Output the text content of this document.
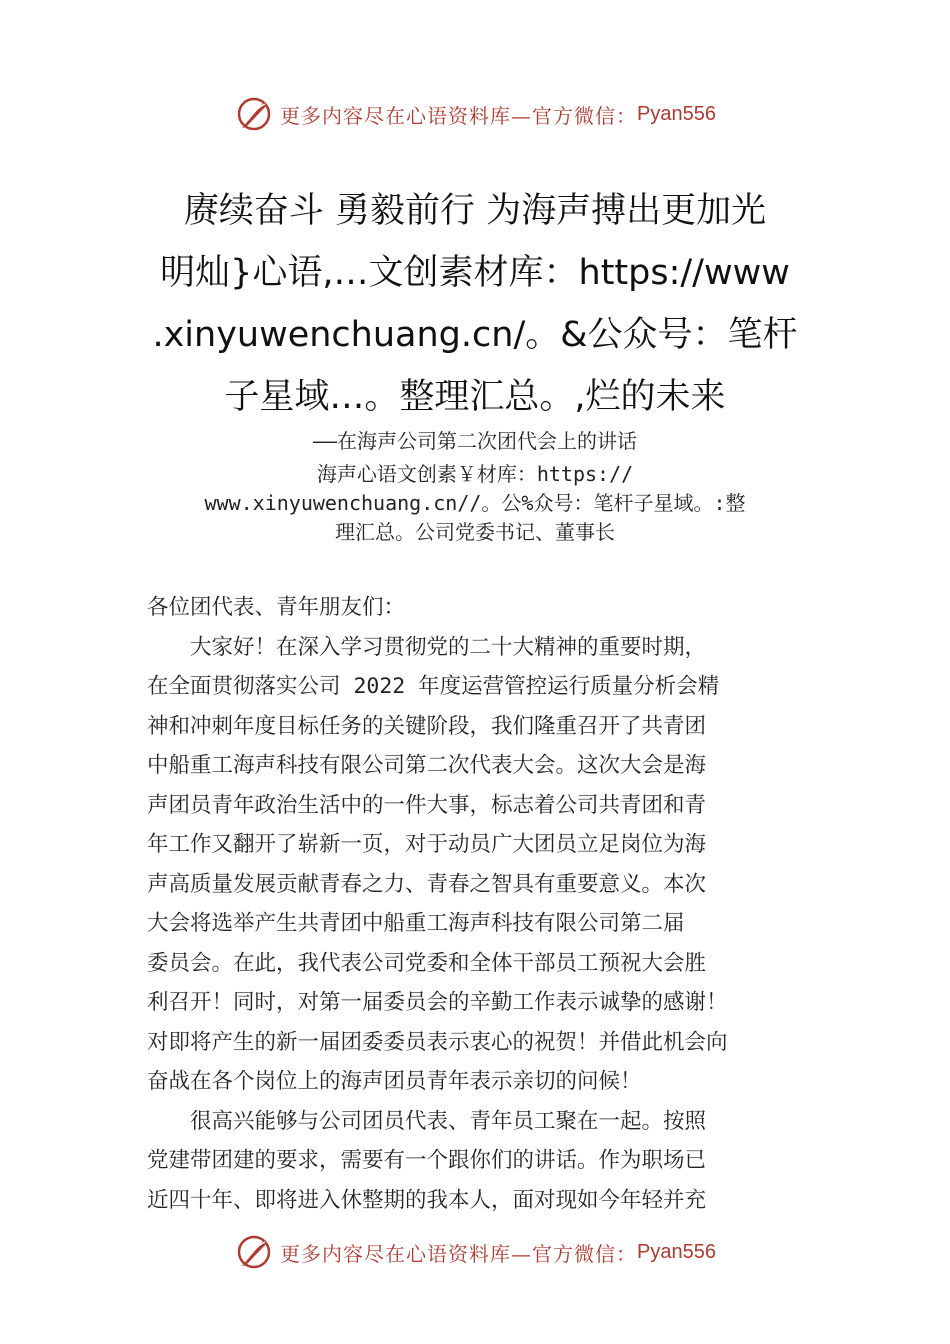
更多内容尽在心语资料库—官方微信： Pyan556
赓续奋斗 勇毅前行 为海声搏出更加光
明灿}心语,…文创素材库：https://www
.xinyuwenchuang.cn/。&公众号：笔杆
子星域…。整理汇总。,烂的未来
——在海声公司第二次团代会上的讲话
海声心语文创素￥材库：https://
www.xinyuwenchuang.cn//。公%众号：笔杆子星域。:整
理汇总。公司党委书记、董事长
各位团代表、青年朋友们：
　　大家好！在深入学习贯彻党的二十大精神的重要时期，
在全面贯彻落实公司 2022 年度运营管控运行质量分析会精
神和冲刺年度目标任务的关键阶段，我们隆重召开了共青团
中船重工海声科技有限公司第二次代表大会。这次大会是海
声团员青年政治生活中的一件大事，标志着公司共青团和青
年工作又翻开了崭新一页，对于动员广大团员立足岗位为海
声高质量发展贡献青春之力、青春之智具有重要意义。本次
大会将选举产生共青团中船重工海声科技有限公司第二届
委员会。在此，我代表公司党委和全体干部员工预祝大会胜
利召开！同时，对第一届委员会的辛勤工作表示诚挚的感谢！
对即将产生的新一届团委委员表示衷心的祝贺！并借此机会向
奋战在各个岗位上的海声团员青年表示亲切的问候！
　　很高兴能够与公司团员代表、青年员工聚在一起。按照
党建带团建的要求，需要有一个跟你们的讲话。作为职场已
近四十年、即将进入休整期的我本人，面对现如今年轻并充
更多内容尽在心语资料库—官方微信： Pyan556
